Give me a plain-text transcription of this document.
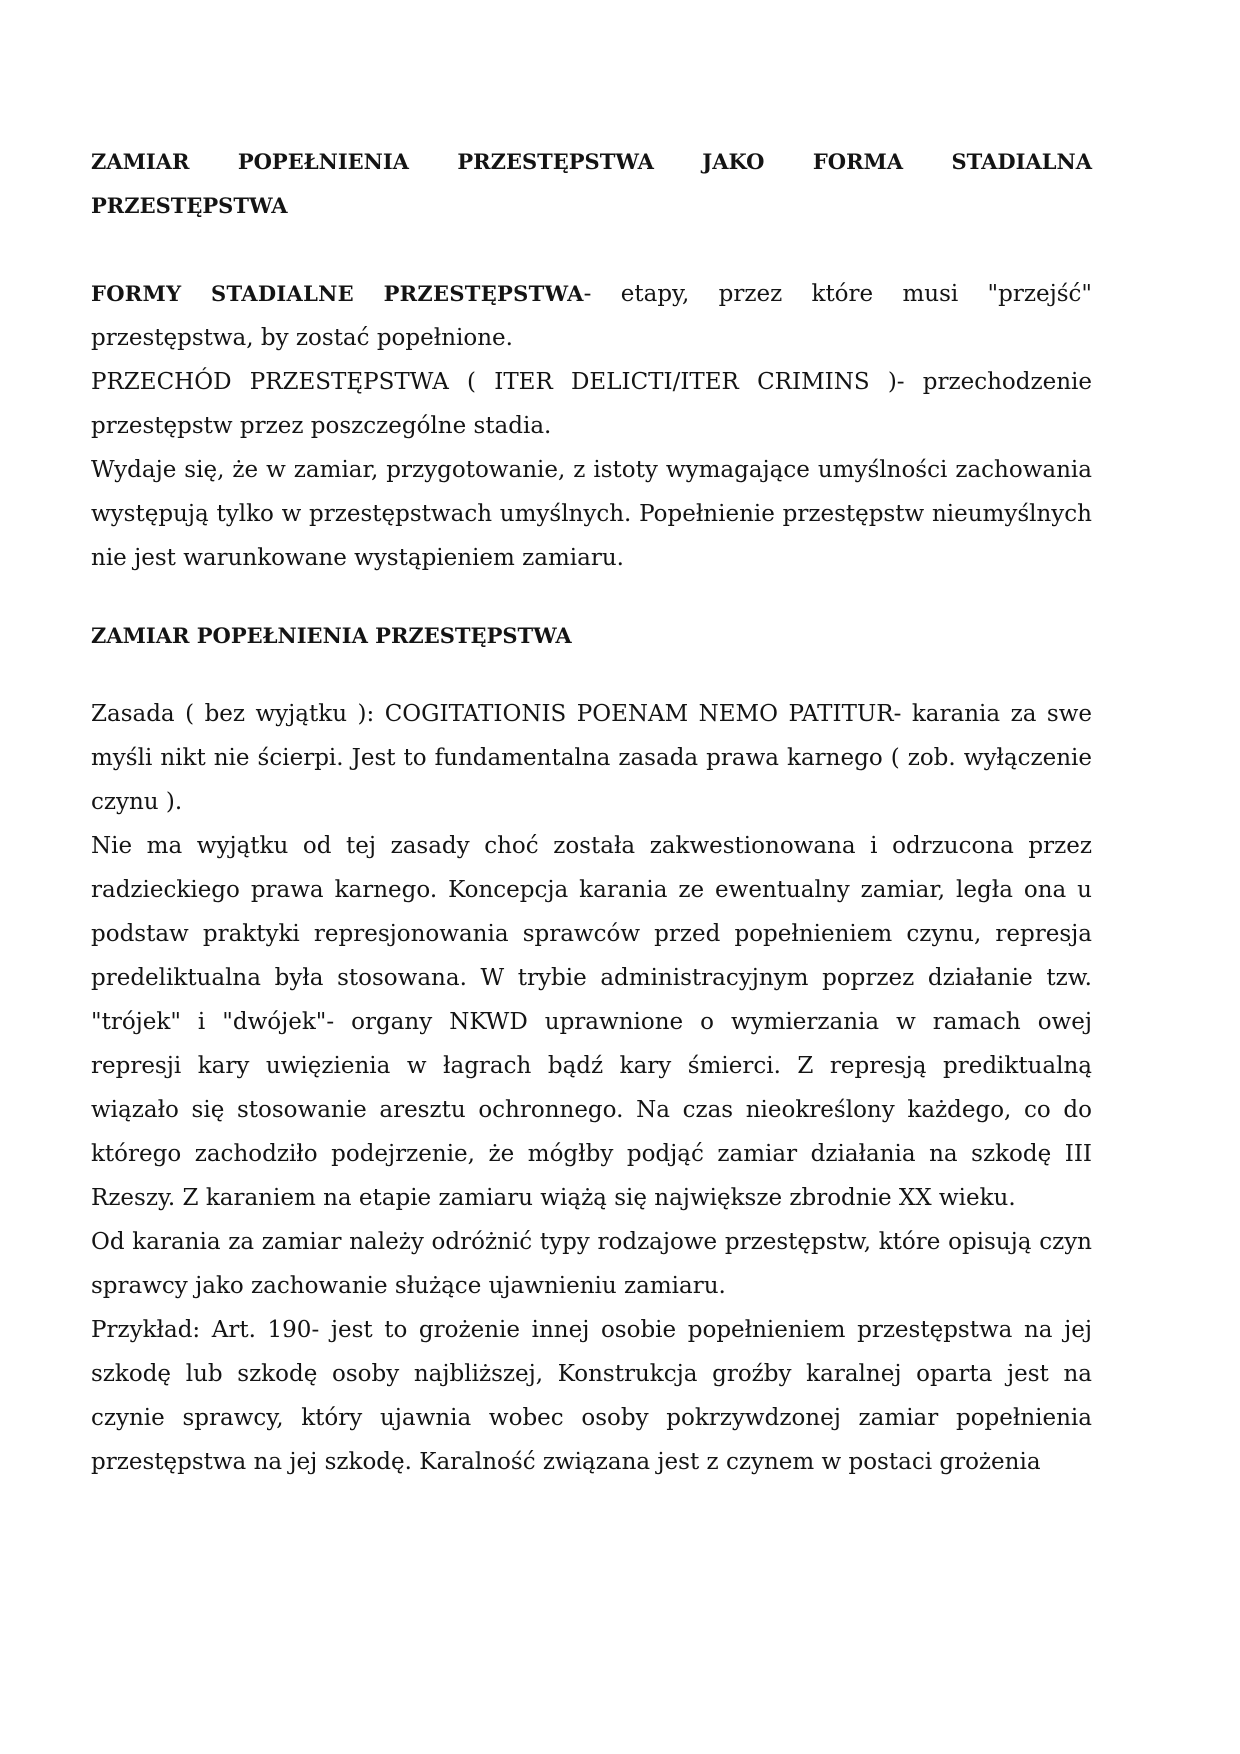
ZAMIAR POPEŁNIENIA PRZESTĘPSTWA JAKO FORMA STADIALNA
PRZESTĘPSTWA

FORMY STADIALNE PRZESTĘPSTWA- etapy, przez które musi "przejść" przestępstwa, by zostać popełnione.

PRZECHÓD PRZESTĘPSTWA ( ITER DELICTI/ITER CRIMINS )- przechodzenie przestępstw przez poszczególne stadia.

Wydaje się, że w zamiar, przygotowanie, z istoty wymagające umyślności zachowania występują tylko w przestępstwach umyślnych. Popełnienie przestępstw nieumyślnych nie jest warunkowane wystąpieniem zamiaru.

ZAMIAR POPEŁNIENIA PRZESTĘPSTWA

Zasada ( bez wyjątku ): COGITATIONIS POENAM NEMO PATITUR- karania za swe myśli nikt nie ścierpi. Jest to fundamentalna zasada prawa karnego ( zob. wyłączenie czynu ).

Nie ma wyjątku od tej zasady choć została zakwestionowana i odrzucona przez radzieckiego prawa karnego. Koncepcja karania ze ewentualny zamiar, legła ona u podstaw praktyki represjonowania sprawców przed popełnieniem czynu, represja predeliktualna była stosowana. W trybie administracyjnym poprzez działanie tzw. "trójek" i "dwójek"- organy NKWD uprawnione o wymierzania w ramach owej represji kary uwięzienia w łagrach bądź kary śmierci. Z represją prediktualną wiązało się stosowanie aresztu ochronnego. Na czas nieokreślony każdego, co do którego zachodziło podejrzenie, że mógłby podjąć zamiar działania na szkodę III Rzeszy. Z karaniem na etapie zamiaru wiążą się największe zbrodnie XX wieku.

Od karania za zamiar należy odróżnić typy rodzajowe przestępstw, które opisują czyn sprawcy jako zachowanie służące ujawnieniu zamiaru.

Przykład: Art. 190- jest to grożenie innej osobie popełnieniem przestępstwa na jej szkodę lub szkodę osoby najbliższej, Konstrukcja groźby karalnej oparta jest na czynie sprawcy, który ujawnia wobec osoby pokrzywdzonej zamiar popełnienia przestępstwa na jej szkodę. Karalność związana jest z czynem w postaci grożenia
